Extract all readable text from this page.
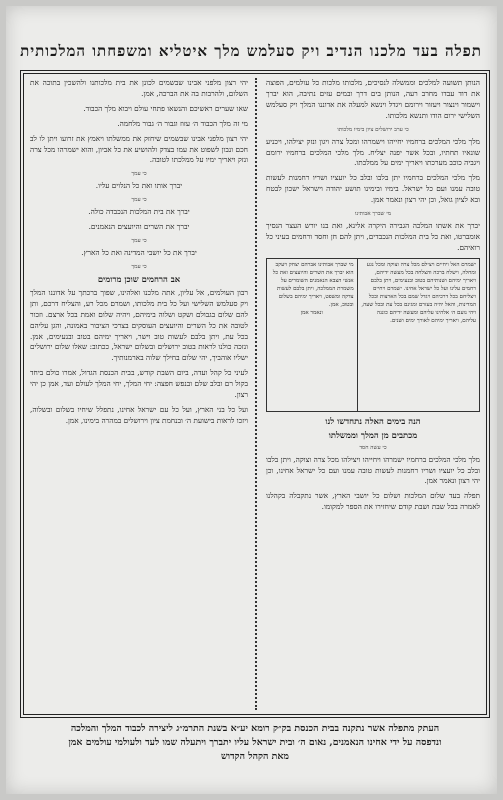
תפלה בעד מלכנו הנדיב ויק סעלמש מלך איטליא ומשפחתו המלכותית

הנותן תשועה למלכים וממשלה לנסיכים, מלכותו מלכות כל עולמים, הפוצה את דוד עבדו מחרב רעה, הנותן בים דרך ובמים עזים נתיבה, הוא יברך וישמור וינצור ויעזור וירומם ויגדל וינשא למעלה את אדוננו המלך ויק סעלמש השלישי ירום הודו ותנשא מלכותו.

כי ערב ירושלים ציון בימיו מלכותו

מלך מלכי המלכים ברחמיו יחייהו וישמרהו ומכל צרה ויגון ונזק יצילהו, ויכניע שונאיו תחתיו, ובכל אשר יפנה יצליח. מלך מלכי המלכים ברחמיו ירומם ויגביה כוכב מערכתו ויאריך ימים על ממלכתו.

מלך מלכי המלכים ברחמיו יתן בלבו ובלב כל יועציו ושריו רחמנות לעשות טובה עמנו ועם כל ישראל. בימיו ובימינו תושע יהודה וישראל ישכון לבטח ובא לציון גואל, וכן יהי רצון ונאמר אמן.

מי שברך אבותינו

יברך את אשתו המלכה הגבירה היקרה אלינא, ואת בנו יורש העצר הנסיך אומברטו, ואת כל בית המלכות הנכבדים, ויתן להם חן וחסד ורחמים בעיני כל רואיהם.

ישמרם האל ויחיים ויצילם מכל צרה וצוקה ומכל נגע ומחלה, וישלח ברכה והצלחה בכל מעשה ידיהם, ויאריך ימיהם ושנותיהם בטוב ובנעימים, ויתן בלבם רחמים עלינו ועל כל ישראל אחינו. ישמרם ויחיים ויצליחם בכל דרכיהם ויגדל שמם בכל הארצות ובכל המדינות, והאל יהיה בעזרם ומגינם בכל עת ובכל שעה, ויהי נועם ה׳ אלהינו עליהם ומעשה ידיהם כוננה עליהם, ויאריך ימיהם לאורך ימים ושנים.
מי שברך אבותינו אברהם יצחק ויעקב הוא יברך את השרים והיועצים ואת כל אנשי הצבא הנאמנים השומרים על משמרת הממלכה, ויתן בלבם לעשות צדקה ומשפט, ויאריך ימיהם בשלום ובטוב, אמן.
ונאמר אמן
הנה בימים האלה נתחדשו לנו
מכתבים מן המלך וממשלתו
כי עשה חסד

מלך מלכי המלכים ברחמיו ישמרהו ויחייהו ויצילהו מכל צרה וצוקה, ויתן בלבו ובלב כל יועציו ושריו רחמנות לעשות טובה עמנו ועם כל ישראל אחינו, וכן יהי רצון ונאמר אמן.

תפלה בעד שלום המלכות ושלום כל יושבי הארץ, אשר נתקבלה בקהלנו לאמרה בכל שבת ושבת קודם שיחזירו את הספר למקומו.

יהי רצון מלפני אבינו שבשמים לכונן את בית מלכותנו ולהשכין בתוכה את השלום, ולהרבות בה את הברכה, אמן.

שאו שערים ראשיכם והנשאו פתחי עולם ויבוא מלך הכבוד.

מי זה מלך הכבוד ה׳ עזוז וגבור ה׳ גבור מלחמה.

יהי רצון מלפני אבינו שבשמים שיחזק את ממשלתו ויאמץ את זרועו ויתן לו לב חכם ונבון לשפוט את עמו בצדק ולהושיע את כל אביון, והוא ישמרהו מכל צרה ונזק ויאריך ימיו על ממלכתו לטובה.

כי עמך

יברך אותו ואת כל הנלוים עליו.

כי עמך

יברך את בית המלכות הנכבדה כולה.

יברך את השרים והיועצים הנאמנים.

כי עמך

יברך את כל יושבי המדינה ואת כל הארץ.

כי עמך
אב הרחמים שוכן מרומים

רבון העולמים, אל עליון, אתה מלכנו ואלהינו, שפוך ברכתך על אדוננו המלך ויק סעלמש השלישי ועל כל בית מלכותו, ושמרם מכל רע, והצליח דרכם, ותן להם שלום בגבולם ושקט ושלוה בימיהם, ויהיה שלום ואמת בכל ארצם. וזכור לטובה את כל השרים והיועצים העוסקים בצרכי הציבור באמונה, והגן עליהם בכל עת, ויתן בלבם לעשות טוב וישר, ויאריך ימיהם בטוב ובנעימים, אמן. ונזכה כולנו לראות בטוב ירושלים ובשלום ישראל, ככתוב: שאלו שלום ירושלים ישליו אוהביך, יהי שלום בחילך שלוה בארמנותיך.

לעיני כל קהל ועדה, ביום השבת קודש, בבית הכנסת הגדול, אמרו כולם ביחד בקול רם ובלב שלם ובנפש חפצה: יחי המלך, יחי המלך לעולם ועד, אמן כן יהי רצון.

ועל כל בני הארץ, ועל כל עם ישראל אחינו, נתפלל שיחיו בשלום ובשלוה, ויזכו לראות בישועת ה׳ ובנחמת ציון וירושלים במהרה בימינו, אמן.

העתק מתפלה אשר נתקנה בבית הכנסת בק״ק רומא יע״א בשנת התרמ״ג ליצירה לכבוד המלך והמלכה
ונדפסה על ידי אחינו הנאמנים, נאום ה׳ ובית ישראל עליו יתברך ויתעלה שמו לעד ולעולמי עולמים אמן
מאת הקהל הקדוש
